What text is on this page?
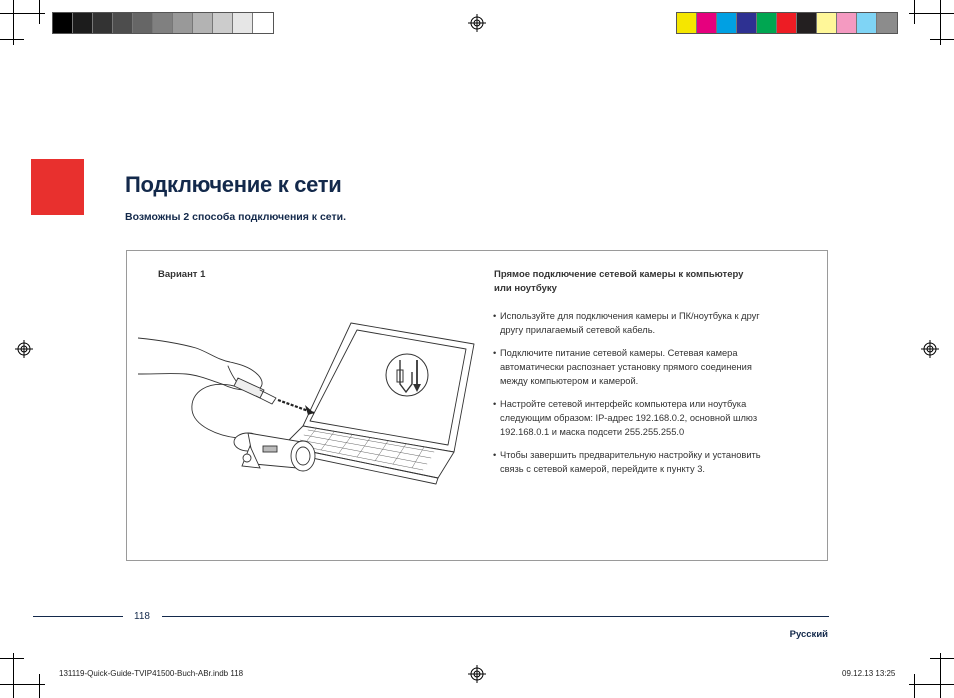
Подключение к сети

Возможны 2 способа подключения к сети.

Вариант 1	Прямое подключение сетевой камеры к компьютеру
или ноутбуку
• Используйте для подключения камеры и ПК/ноутбука к друг
другу прилагаемый сетевой кабель.
• Подключите питание сетевой камеры. Сетевая камера
автоматически распознает установку прямого соединения
между компьютером и камерой.
• Настройте сетевой интерфейс компьютера или ноутбука
следующим образом: IP-адрес 192.168.0.2, основной шлюз
192.168.0.1 и маска подсети 255.255.255.0
• Чтобы завершить предварительную настройку и установить
связь с сетевой камерой, перейдите к пункту 3.
118
Русский
131119-Quick-Guide-TVIP41500-Buch-ABr.indb 118	09.12.13 13:25
